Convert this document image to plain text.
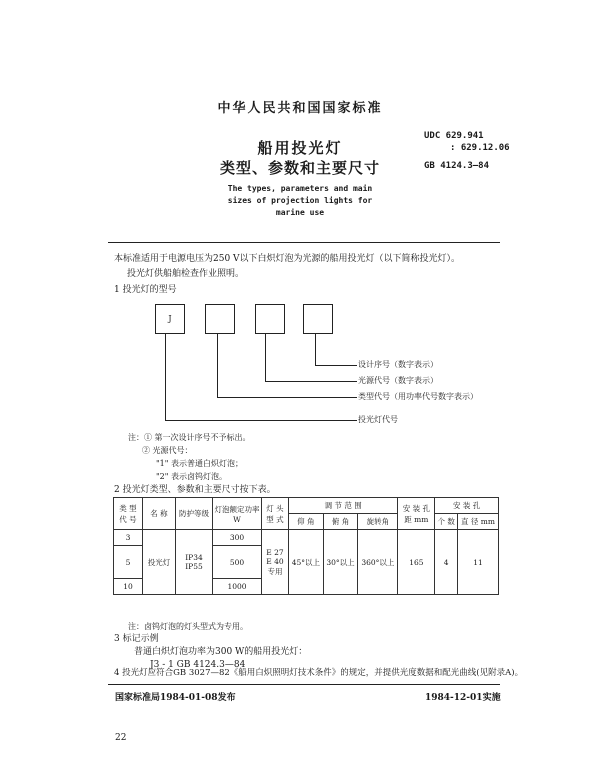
中华人民共和国国家标准
UDC 629.941
: 629.12.06
GB 4124.3—84
船用投光灯
类型、参数和主要尺寸
The types, parameters and main
sizes of projection lights for
marine use
本标准适用于电源电压为250 V以下白炽灯泡为光源的船用投光灯（以下简称投光灯）。
投光灯供船舶检查作业照明。
1 投光灯的型号
J
设计序号（数字表示）
光源代号（数字表示）
类型代号（用功率代号数字表示）
投光灯代号
注：① 第一次设计序号不予标出。
② 光源代号：
"1" 表示普通白炽灯泡；
"2" 表示卤钨灯泡。
2 投光灯类型、参数和主要尺寸按下表。
类 型 代 号	名 称	防护等级	灯泡额定功率 W	灯 头 型 式	调 节 范 围			安 装 孔 距 mm	安 装 孔	
					仰 角	俯 角	旋转角		个 数	直 径 mm
3	投光灯	IP34 IP55	300	E 27 E 40 专用	45°以上	30°以上	360°以上	165	4	11
5			500							
10			1000							
注：卤钨灯泡的灯头型式为专用。
3 标记示例
普通白炽灯泡功率为300 W的船用投光灯：
J3 - 1 GB 4124.3—84
4 投光灯应符合GB 3027—82《船用白炽照明灯技术条件》的规定，并提供光度数据和配光曲线(见附录A)。
国家标准局1984-01-08发布	1984-12-01实施
22
